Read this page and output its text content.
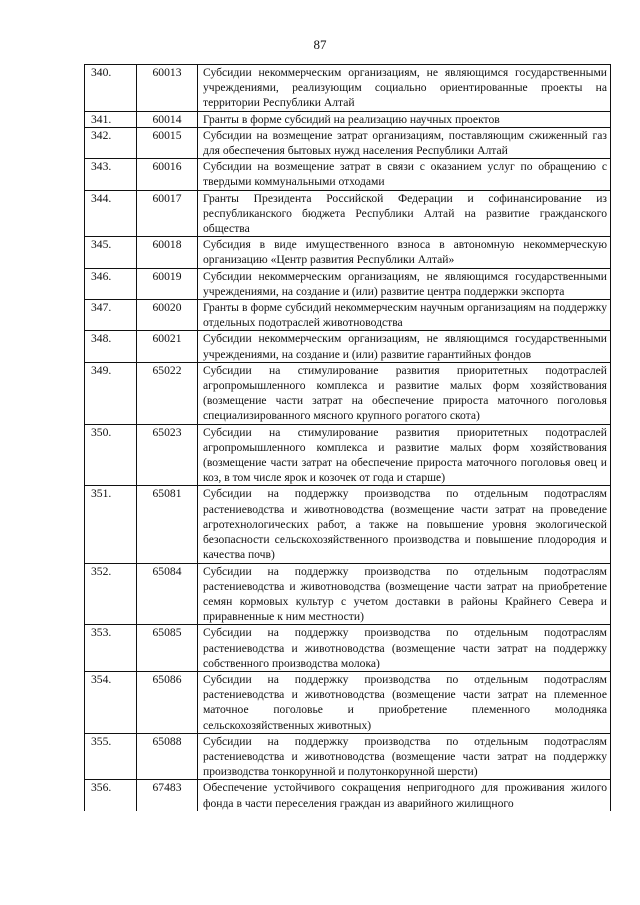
87
340.	60013	Субсидии некоммерческим организациям, не являющимся государственными учреждениями, реализующим социально ориентированные проекты на территории Республики Алтай
341.	60014	Гранты в форме субсидий на реализацию научных проектов
342.	60015	Субсидии на возмещение затрат организациям, поставляющим сжиженный газ для обеспечения бытовых нужд населения Республики Алтай
343.	60016	Субсидии на возмещение затрат в связи с оказанием услуг по обращению с твердыми коммунальными отходами
344.	60017	Гранты Президента Российской Федерации и софинансирование из республиканского бюджета Республики Алтай на развитие гражданского общества
345.	60018	Субсидия в виде имущественного взноса в автономную некоммерческую организацию «Центр развития Республики Алтай»
346.	60019	Субсидии некоммерческим организациям, не являющимся государственными учреждениями, на создание и (или) развитие центра поддержки экспорта
347.	60020	Гранты в форме субсидий некоммерческим научным организациям на поддержку отдельных подотраслей животноводства
348.	60021	Субсидии некоммерческим организациям, не являющимся государственными учреждениями, на создание и (или) развитие гарантийных фондов
349.	65022	Субсидии на стимулирование развития приоритетных подотраслей агропромышленного комплекса и развитие малых форм хозяйствования (возмещение части затрат на обеспечение прироста маточного поголовья специализированного мясного крупного рогатого скота)
350.	65023	Субсидии на стимулирование развития приоритетных подотраслей агропромышленного комплекса и развитие малых форм хозяйствования (возмещение части затрат на обеспечение прироста маточного поголовья овец и коз, в том числе ярок и козочек от года и старше)
351.	65081	Субсидии на поддержку производства по отдельным подотраслям растениеводства и животноводства (возмещение части затрат на проведение агротехнологических работ, а также на повышение уровня экологической безопасности сельскохозяйственного производства и повышение плодородия и качества почв)
352.	65084	Субсидии на поддержку производства по отдельным подотраслям растениеводства и животноводства (возмещение части затрат на приобретение семян кормовых культур с учетом доставки в районы Крайнего Севера и приравненные к ним местности)
353.	65085	Субсидии на поддержку производства по отдельным подотраслям растениеводства и животноводства (возмещение части затрат на поддержку собственного производства молока)
354.	65086	Субсидии на поддержку производства по отдельным подотраслям растениеводства и животноводства (возмещение части затрат на племенное маточное поголовье и приобретение племенного молодняка сельскохозяйственных животных)
355.	65088	Субсидии на поддержку производства по отдельным подотраслям растениеводства и животноводства (возмещение части затрат на поддержку производства тонкорунной и полутонкорунной шерсти)
356.	67483	Обеспечение устойчивого сокращения непригодного для проживания жилого фонда в части переселения граждан из аварийного жилищного
